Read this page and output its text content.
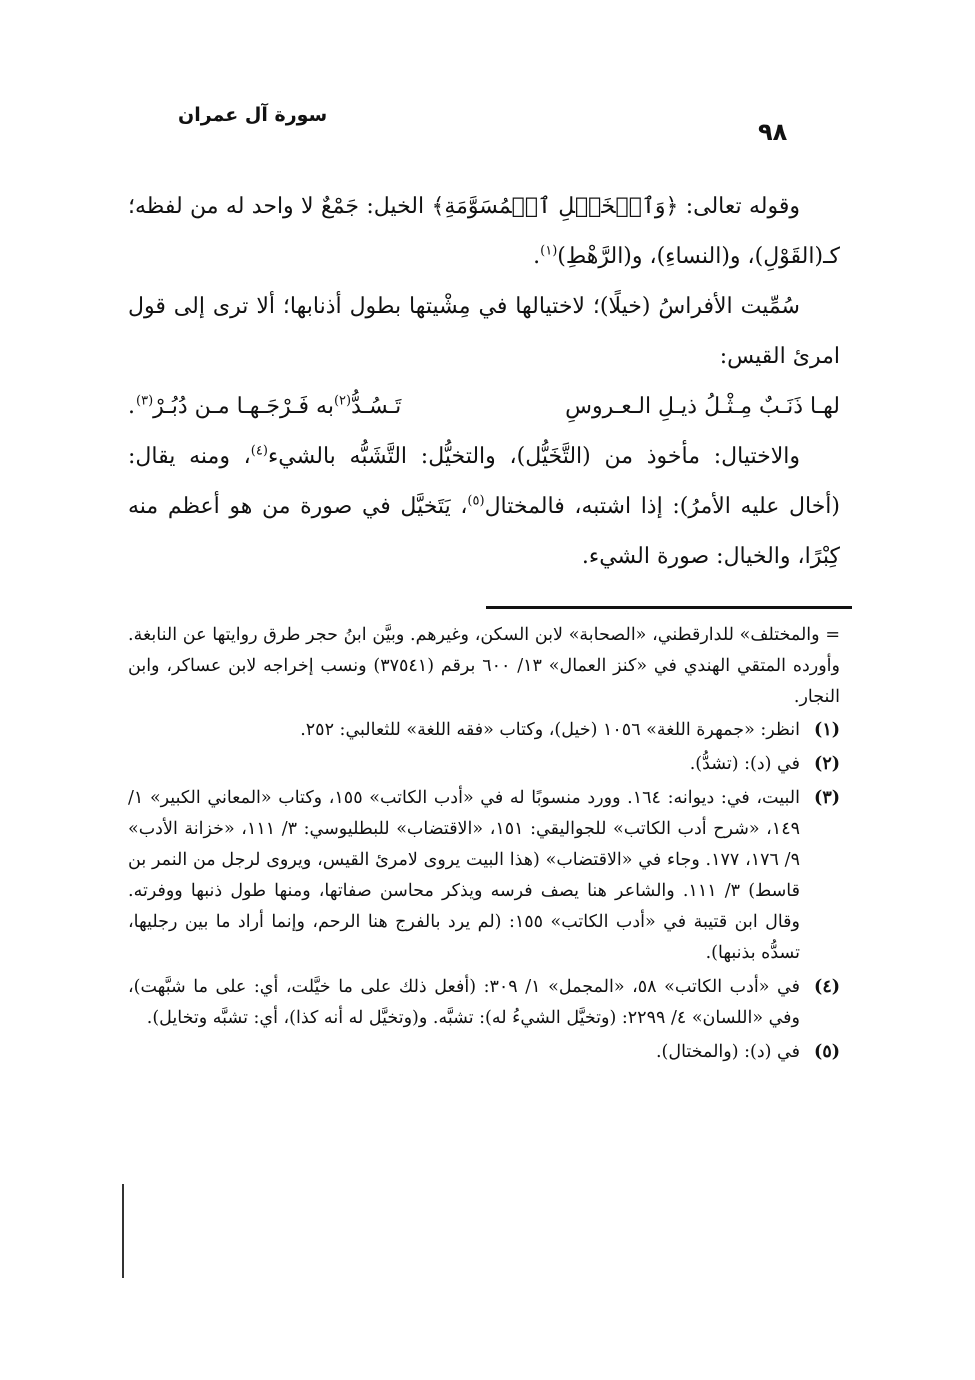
سورة آل عمران
٩٨

وقوله تعالى: ﴿وَٱلۡخَيۡلِ ٱلۡمُسَوَّمَةِ﴾ الخيل: جَمْعٌ لا واحد له من لفظه؛ كـ(القَوْلِ)، و(النساءِ)، و(الرَّهْطِ)$^{(١)}$.

سُمِّيت الأفراسُ (خيلًا)؛ لاختيالها في مِشْيتها بطول أذنابها؛ ألا ترى إلى قول امرئ القيس:

لهـا ذَنَـبٌ مِـثْـلُ ذيـلِ الـعـروسِ
تَـسُـدُّ$^{(٢)}$به فَـرْجَـهـا مـن دُبُـرْ$^{(٣)}$.

والاختيال: مأخوذ من (التَّخَيُّل)، والتخيُّل: التَّشَبُّه بالشيء$^{(٤)}$، ومنه يقال: (أخال عليه الأمرُ): إذا اشتبه، فالمختال$^{(٥)}$، يَتَخيَّل في صورة من هو أعظم منه كِبْرًا، والخيال: صورة الشيء.

= والمختلف» للدارقطني، «الصحابة» لابن السكن، وغيرهم. وبيَّن ابنُ حجر طرق روايتها عن النابغة. وأورده المتقي الهندي في «كنز العمال» ١٣/ ٦٠٠ برقم (٣٧٥٤١) ونسب إخراجه لابن عساكر، وابن النجار.

(١)
انظر: «جمهرة اللغة» ١٠٥٦ (خيل)، وكتاب «فقه اللغة» للثعالبي: ٢٥٢.
(٢)
في (د): (تشدُّ).
(٣)
البيت، في: ديوانه: ١٦٤. وورد منسوبًا له في «أدب الكاتب» ١٥٥، وكتاب «المعاني الكبير» ١/ ١٤٩، «شرح أدب الكاتب» للجواليقي: ١٥١، «الاقتضاب» للبطليوسي: ٣/ ١١١، «خزانة الأدب» ٩/ ١٧٦، ١٧٧. وجاء في «الاقتضاب» (هذا البيت يروى لامرئ القيس، ويروى لرجل من النمر بن قاسط) ٣/ ١١١. والشاعر هنا يصف فرسه ويذكر محاسن صفاتها، ومنها طول ذنبها ووفرته. وقال ابن قتيبة في «أدب الكاتب» ١٥٥: (لم يرد بالفرج هنا الرحم، وإنما أراد ما بين رجليها، تسدُّه بذنبها).
(٤)
في «أدب الكاتب» ٥٨، «المجمل» ١/ ٣٠٩: (أفعل ذلك على ما خيَّلت، أي: على ما شبَّهت)، وفي «اللسان» ٤/ ٢٢٩٩: (وتخيَّل الشيءُ له): تشبَّه. و(وتخيَّل له أنه كذا)، أي: تشبَّه وتخايل).
(٥)
في (د): (والمختال).
